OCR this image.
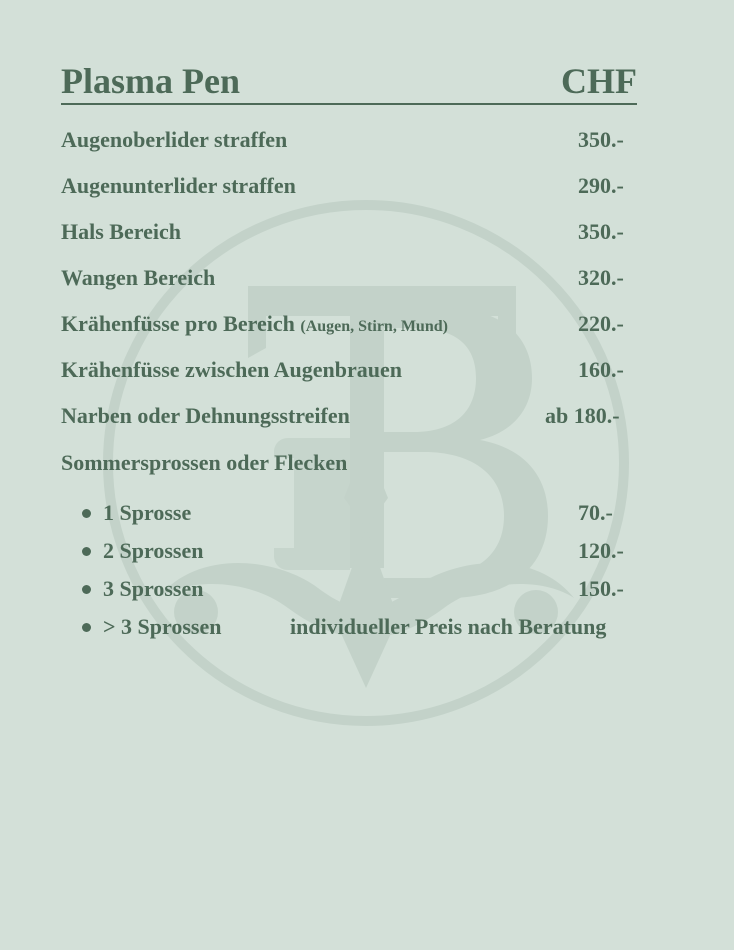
Plasma Pen	CHF
Augenoberlider straffen	350.-
Augenunterlider straffen	290.-
Hals Bereich	350.-
Wangen Bereich	320.-
Krähenfüsse pro Bereich (Augen, Stirn, Mund)	220.-
Krähenfüsse zwischen Augenbrauen	160.-
Narben oder Dehnungsstreifen	ab 180.-
Sommersprossen oder Flecken
1 Sprosse	70.-
2 Sprossen	120.-
3 Sprossen	150.-
> 3 Sprossen	individueller Preis nach Beratung
